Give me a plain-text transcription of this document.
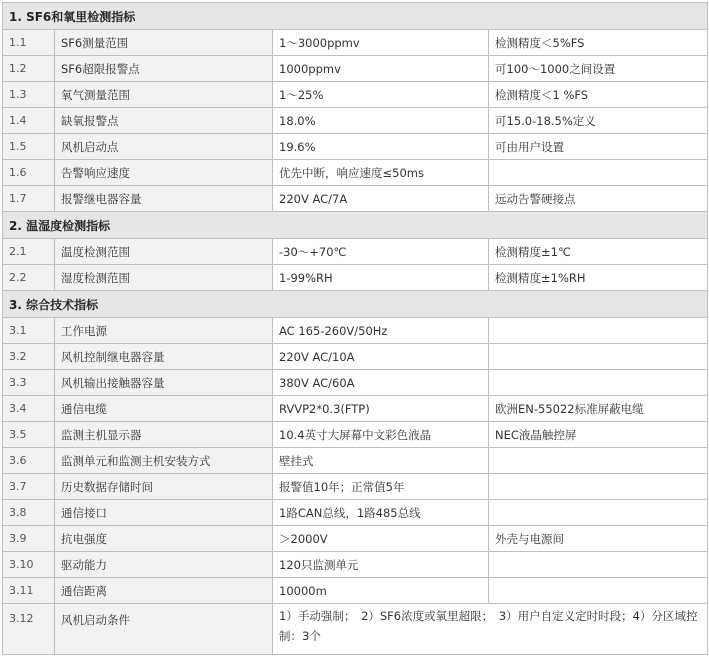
1. SF6和氧里检测指标			
1.1	SF6测量范围	1～3000ppmv	检测精度＜5%FS
1.2	SF6超限报警点	1000ppmv	可100～1000之间设置
1.3	氧气测量范围	1～25%	检测精度＜1 %FS
1.4	缺氧报警点	18.0%	可15.0-18.5%定义
1.5	风机启动点	19.6%	可由用户设置
1.6	告警响应速度	优先中断，响应速度≤50ms	
1.7	报警继电器容量	220V AC/7A	远动告警硬接点
2. 温湿度检测指标			
2.1	温度检测范围	-30～+70℃	检测精度±1℃
2.2	湿度检测范围	1-99%RH	检测精度±1%RH
3. 综合技术指标			
3.1	工作电源	AC 165-260V/50Hz	
3.2	风机控制继电器容量	220V AC/10A	
3.3	风机输出接触器容量	380V AC/60A	
3.4	通信电缆	RVVP2*0.3(FTP)	欧洲EN-55022标准屏蔽电缆
3.5	监测主机显示器	10.4英寸大屏幕中文彩色液晶	NEC液晶触控屏
3.6	监测单元和监测主机安装方式	壁挂式	
3.7	历史数据存储时间	报警值10年；正常值5年	
3.8	通信接口	1路CAN总线，1路485总线	
3.9	抗电强度	＞2000V	外壳与电源间
3.10	驱动能力	120只监测单元	
3.11	通信距离	10000m	
3.12	风机启动条件	1）手动强制；　2）SF6浓度或氧里超限；　3）用户自定义定时时段；4）分区域控制：3个	
